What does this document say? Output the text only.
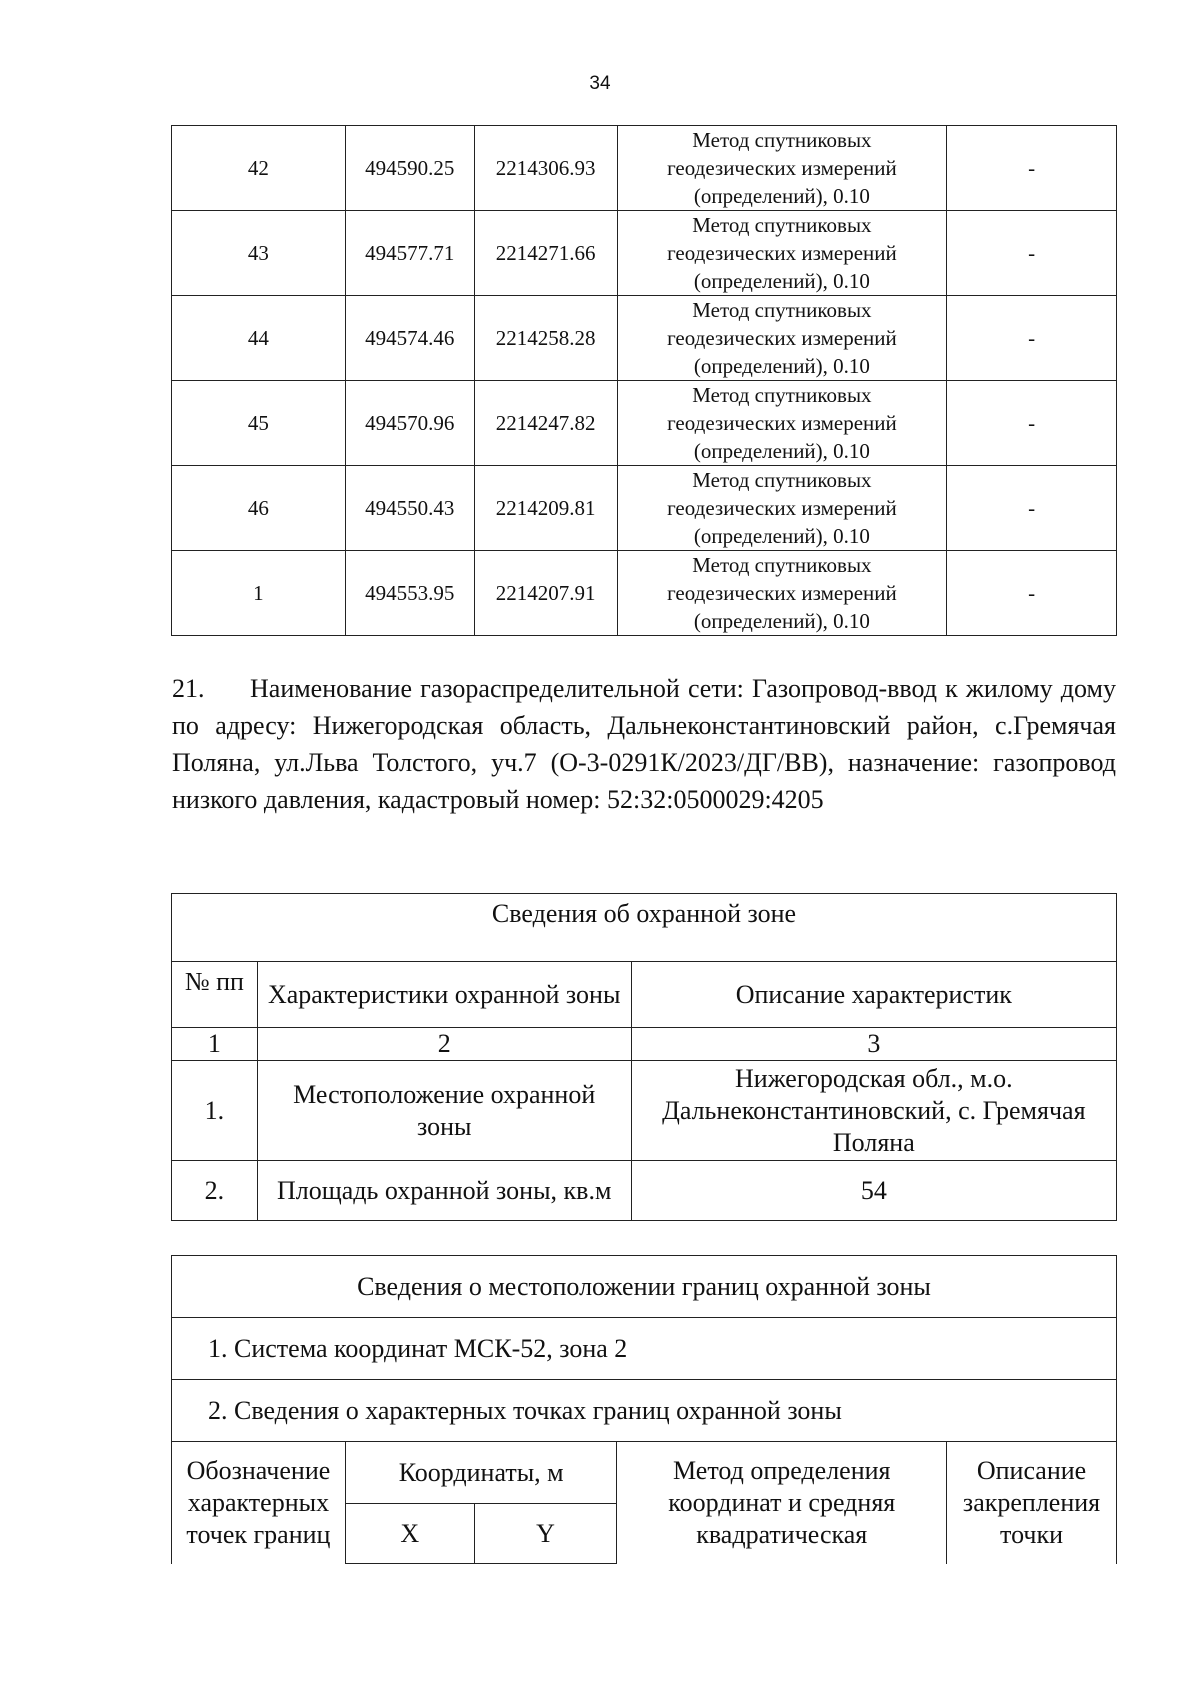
34
42	494590.25	2214306.93	Метод спутниковых
геодезических измерений
(определений), 0.10	-
43	494577.71	2214271.66	Метод спутниковых
геодезических измерений
(определений), 0.10	-
44	494574.46	2214258.28	Метод спутниковых
геодезических измерений
(определений), 0.10	-
45	494570.96	2214247.82	Метод спутниковых
геодезических измерений
(определений), 0.10	-
46	494550.43	2214209.81	Метод спутниковых
геодезических измерений
(определений), 0.10	-
1	494553.95	2214207.91	Метод спутниковых
геодезических измерений
(определений), 0.10	-

21. Наименование газораспределительной сети: Газопровод-ввод к жилому дому по адресу: Нижегородская область, Дальнеконстантиновский район, с.Гремячая Поляна, ул.Льва Толстого, уч.7 (О-3-0291К/2023/ДГ/ВВ), назначение: газопровод низкого давления, кадастровый номер: 52:32:0500029:4205

Сведения об охранной зоне		
№ пп	Характеристики охранной зоны	Описание характеристик
1	2	3
1.	Местоположение охранной зоны	Нижегородская обл., м.о. Дальнеконстантиновский, с. Гремячая Поляна
2.	Площадь охранной зоны, кв.м	54
Сведения о местоположении границ охранной зоны				
1. Система координат МСК-52, зона 2				
2. Сведения о характерных точках границ охранной зоны				
Обозначение характерных точек границ	Координаты, м		Метод определения координат и средняя квадратическая	Описание закрепления точки
	X	Y		
